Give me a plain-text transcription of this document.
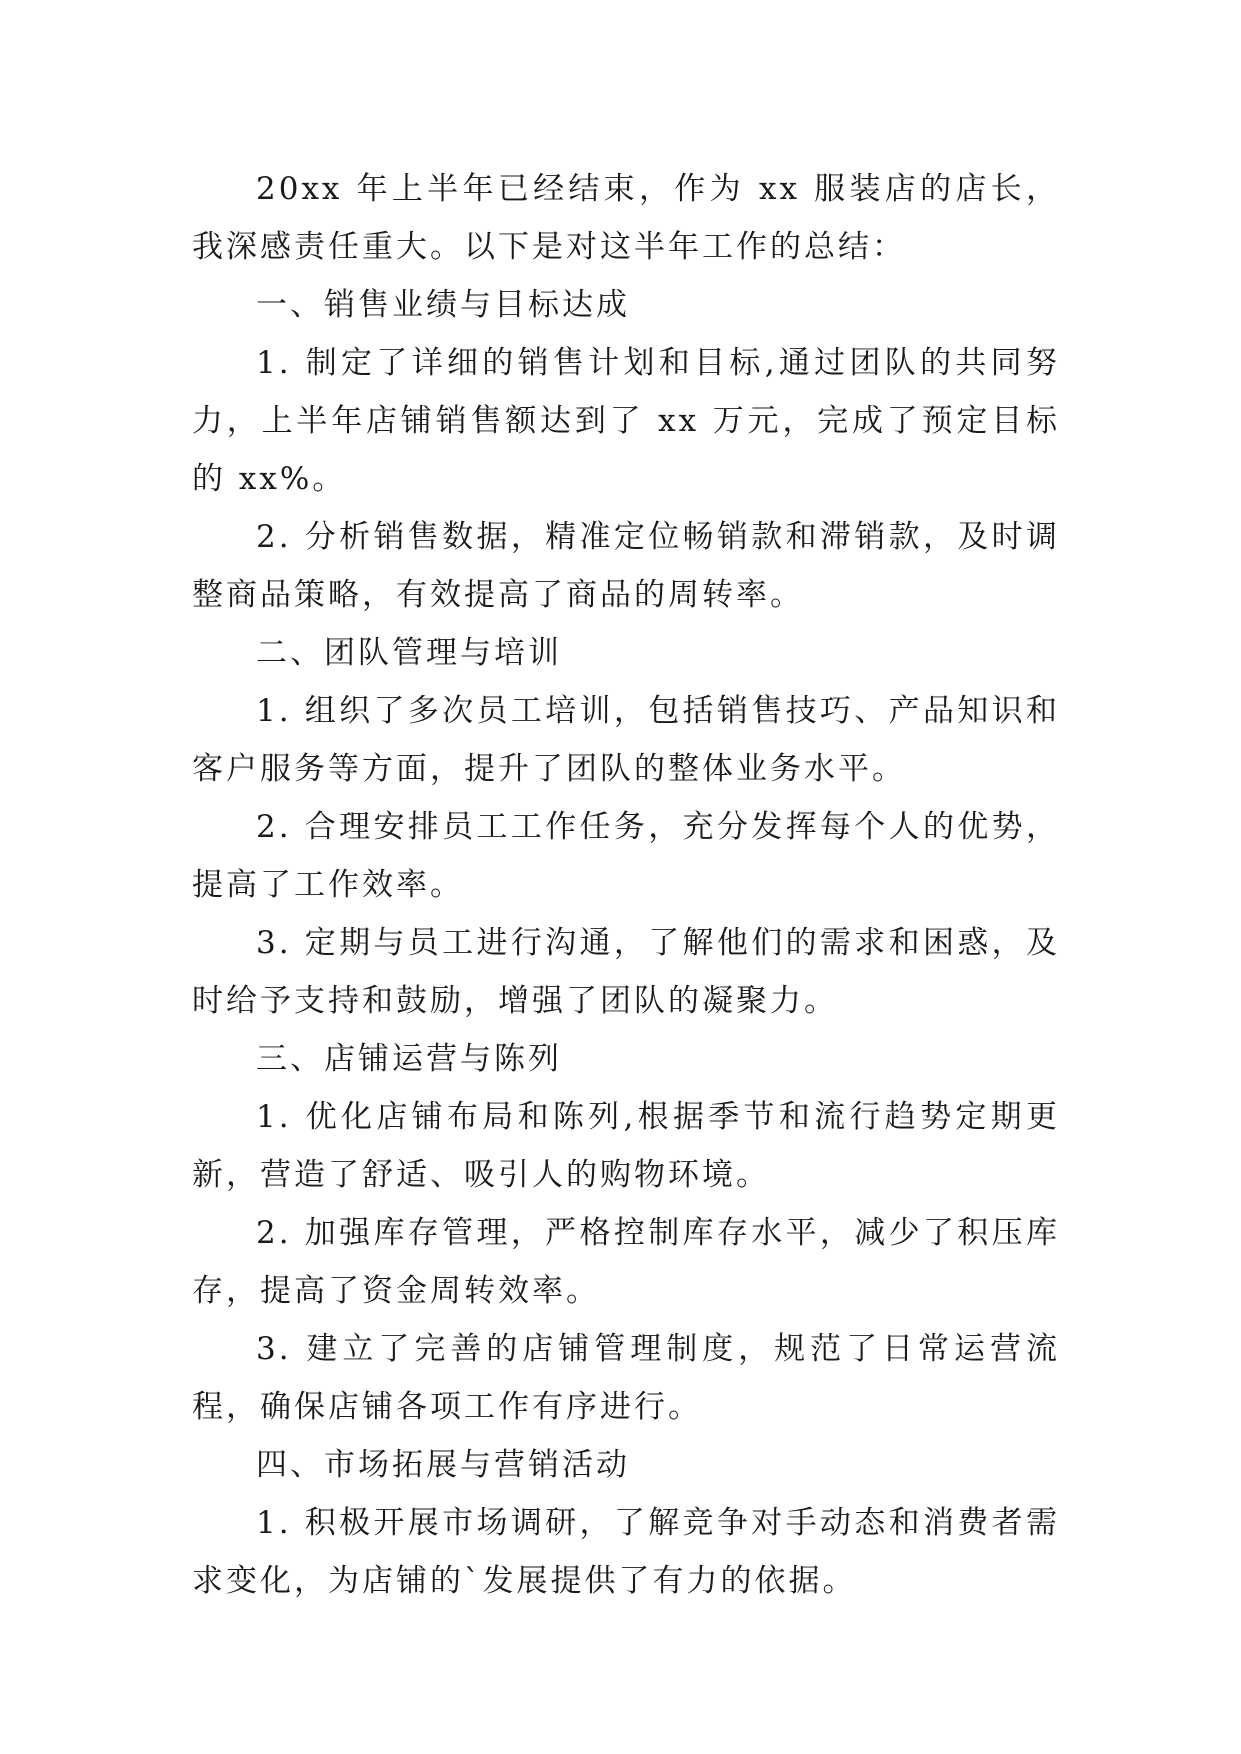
20xx 年上半年已经结束，作为 xx 服装店的店长，我深感责任重大。以下是对这半年工作的总结：

一、销售业绩与目标达成

1. 制定了详细的销售计划和目标,通过团队的共同努力，上半年店铺销售额达到了 xx 万元，完成了预定目标的 xx%。

2. 分析销售数据，精准定位畅销款和滞销款，及时调整商品策略，有效提高了商品的周转率。

二、团队管理与培训

1. 组织了多次员工培训，包括销售技巧、产品知识和客户服务等方面，提升了团队的整体业务水平。

2. 合理安排员工工作任务，充分发挥每个人的优势，提高了工作效率。

3. 定期与员工进行沟通，了解他们的需求和困惑，及时给予支持和鼓励，增强了团队的凝聚力。

三、店铺运营与陈列

1. 优化店铺布局和陈列,根据季节和流行趋势定期更新，营造了舒适、吸引人的购物环境。

2. 加强库存管理，严格控制库存水平，减少了积压库存，提高了资金周转效率。

3. 建立了完善的店铺管理制度，规范了日常运营流程，确保店铺各项工作有序进行。

四、市场拓展与营销活动

1. 积极开展市场调研，了解竞争对手动态和消费者需求变化，为店铺的`发展提供了有力的依据。
